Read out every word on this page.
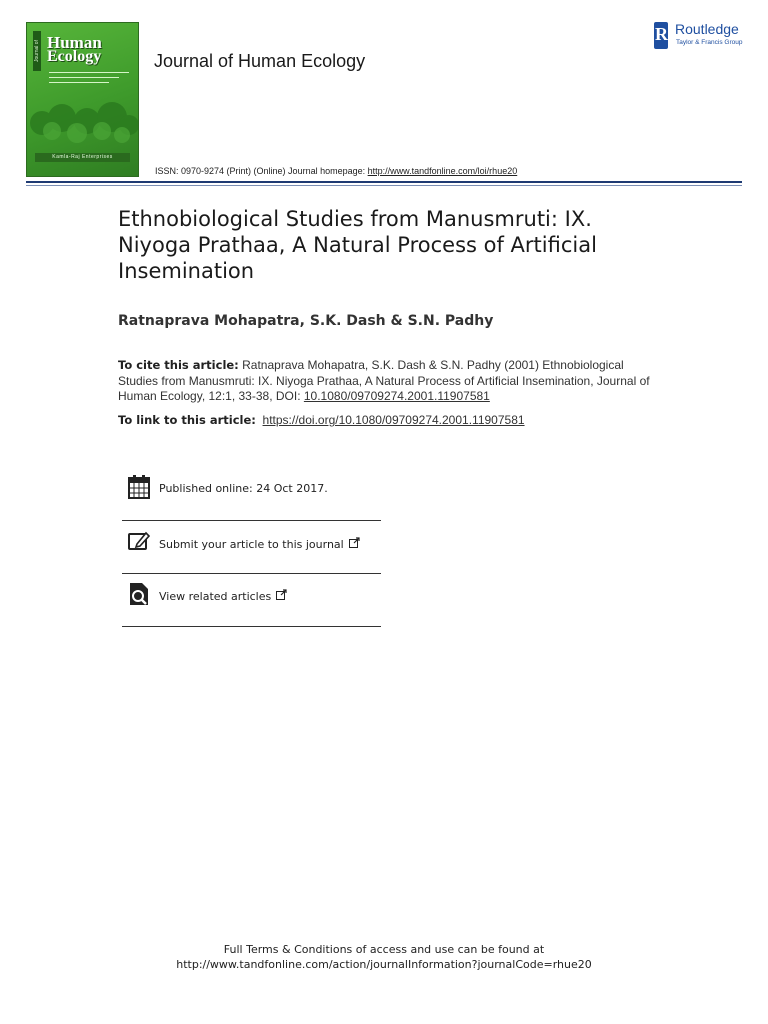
Journal of Human
Ecology
Kamla-Raj Enterprises
Journal of Human Ecology
R
Routledge
Taylor & Francis Group
ISSN: 0970-9274 (Print) (Online) Journal homepage: http://www.tandfonline.com/loi/rhue20
Ethnobiological Studies from Manusmruti: IX. Niyoga Prathaa, A Natural Process of Artificial Insemination
Ratnaprava Mohapatra, S.K. Dash & S.N. Padhy
To cite this article: Ratnaprava Mohapatra, S.K. Dash & S.N. Padhy (2001) Ethnobiological Studies from Manusmruti: IX. Niyoga Prathaa, A Natural Process of Artificial Insemination, Journal of Human Ecology, 12:1, 33-38, DOI: 10.1080/09709274.2001.11907581
To link to this article: https://doi.org/10.1080/09709274.2001.11907581
Published online: 24 Oct 2017.
Submit your article to this journal
View related articles
Full Terms & Conditions of access and use can be found at
http://www.tandfonline.com/action/journalInformation?journalCode=rhue20
